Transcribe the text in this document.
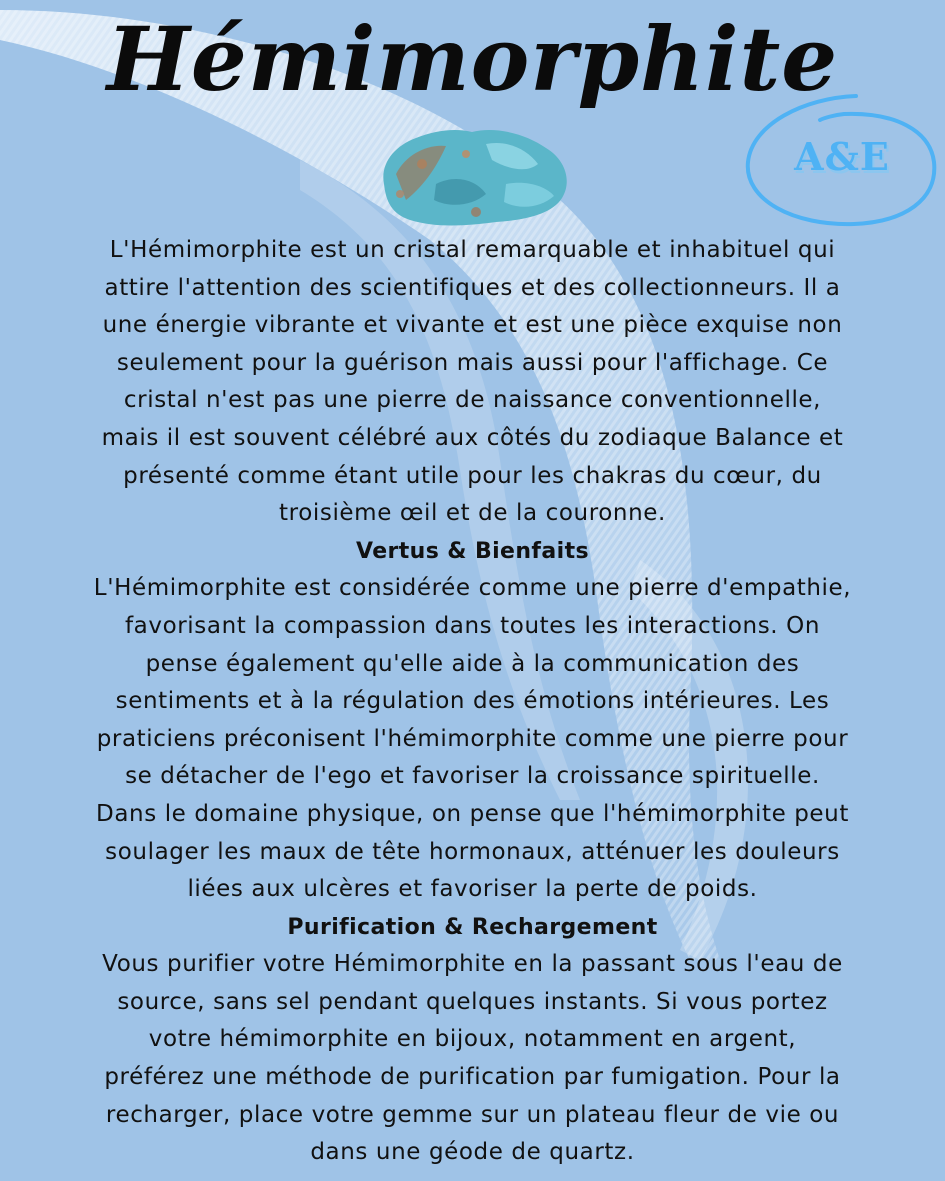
Hémimorphite
A&E

L'Hémimorphite est un cristal remarquable et inhabituel qui
attire l'attention des scientifiques et des collectionneurs. Il a
une énergie vibrante et vivante et est une pièce exquise non
seulement pour la guérison mais aussi pour l'affichage. Ce
cristal n'est pas une pierre de naissance conventionnelle,
mais il est souvent célébré aux côtés du zodiaque Balance et
présenté comme étant utile pour les chakras du cœur, du
troisième œil et de la couronne.

Vertus & Bienfaits

L'Hémimorphite est considérée comme une pierre d'empathie,
favorisant la compassion dans toutes les interactions. On
pense également qu'elle aide à la communication des
sentiments et à la régulation des émotions intérieures. Les
praticiens préconisent l'hémimorphite comme une pierre pour
se détacher de l'ego et favoriser la croissance spirituelle.
Dans le domaine physique, on pense que l'hémimorphite peut
soulager les maux de tête hormonaux, atténuer les douleurs
liées aux ulcères et favoriser la perte de poids.

Purification & Rechargement

Vous purifier votre Hémimorphite en la passant sous l'eau de
source, sans sel pendant quelques instants. Si vous portez
votre hémimorphite en bijoux, notamment en argent,
préférez une méthode de purification par fumigation. Pour la
recharger, place votre gemme sur un plateau fleur de vie ou
dans une géode de quartz.
